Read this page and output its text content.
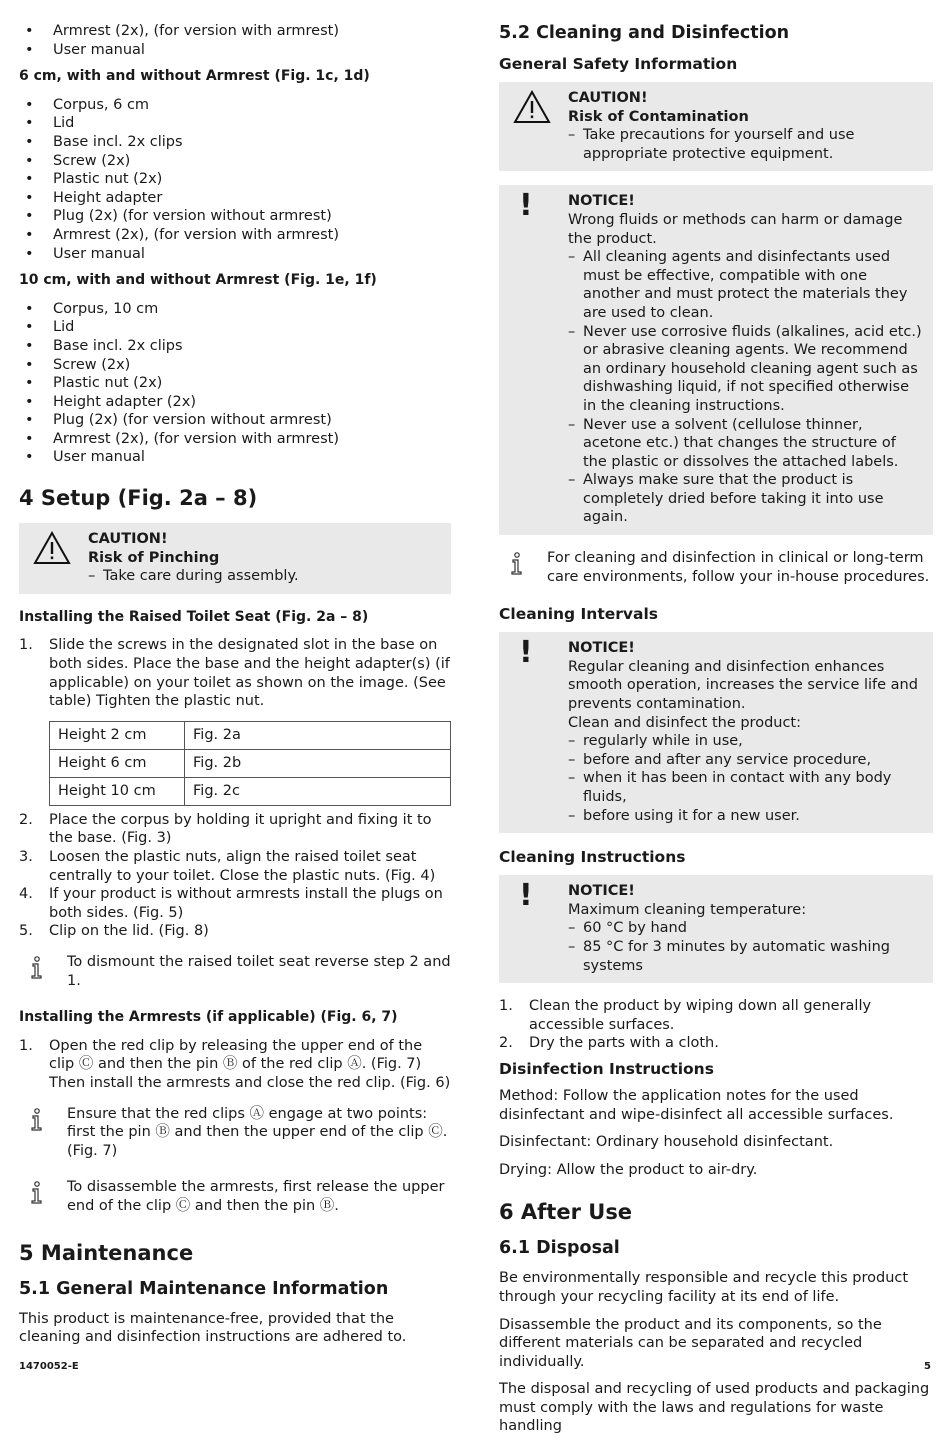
• Armrest (2x), (for version with armrest)
• User manual
6 cm, with and without Armrest (Fig. 1c, 1d)
• Corpus, 6 cm
• Lid
• Base incl. 2x clips
• Screw (2x)
• Plastic nut (2x)
• Height adapter
• Plug (2x) (for version without armrest)
• Armrest (2x), (for version with armrest)
• User manual
10 cm, with and without Armrest (Fig. 1e, 1f)
• Corpus, 10 cm
• Lid
• Base incl. 2x clips
• Screw (2x)
• Plastic nut (2x)
• Height adapter (2x)
• Plug (2x) (for version without armrest)
• Armrest (2x), (for version with armrest)
• User manual
4 Setup (Fig. 2a – 8)
CAUTION!
Risk of Pinching
– Take care during assembly.
Installing the Raised Toilet Seat (Fig. 2a – 8)
1. Slide the screws in the designated slot in the base on both sides. Place the base and the height adapter(s) (if applicable) on your toilet as shown on the image. (See table) Tighten the plastic nut.
Height 2 cm	Fig. 2a
Height 6 cm	Fig. 2b
Height 10 cm	Fig. 2c
2. Place the corpus by holding it upright and fixing it to the base. (Fig. 3)
3. Loosen the plastic nuts, align the raised toilet seat centrally to your toilet. Close the plastic nuts. (Fig. 4)
4. If your product is without armrests install the plugs on both sides. (Fig. 5)
5. Clip on the lid. (Fig. 8)
To dismount the raised toilet seat reverse step 2 and 1.
Installing the Armrests (if applicable) (Fig. 6, 7)
1. Open the red clip by releasing the upper end of the clip Ⓒ and then the pin Ⓑ of the red clip Ⓐ. (Fig. 7) Then install the armrests and close the red clip. (Fig. 6)
Ensure that the red clips Ⓐ engage at two points: first the pin Ⓑ and then the upper end of the clip Ⓒ. (Fig. 7)
To disassemble the armrests, first release the upper end of the clip Ⓒ and then the pin Ⓑ.
5 Maintenance
5.1 General Maintenance Information

This product is maintenance-free, provided that the cleaning and disinfection instructions are adhered to.

5.2 Cleaning and Disinfection
General Safety Information
CAUTION!
Risk of Contamination
– Take precautions for yourself and use appropriate protective equipment.
! NOTICE!
Wrong fluids or methods can harm or damage the product.
– All cleaning agents and disinfectants used must be effective, compatible with one another and must protect the materials they are used to clean.
– Never use corrosive fluids (alkalines, acid etc.) or abrasive cleaning agents. We recommend an ordinary household cleaning agent such as dishwashing liquid, if not specified otherwise in the cleaning instructions.
– Never use a solvent (cellulose thinner, acetone etc.) that changes the structure of the plastic or dissolves the attached labels.
– Always make sure that the product is completely dried before taking it into use again.
For cleaning and disinfection in clinical or long-term care environments, follow your in-house procedures.
Cleaning Intervals
! NOTICE!
Regular cleaning and disinfection enhances smooth operation, increases the service life and prevents contamination.
Clean and disinfect the product:
– regularly while in use,
– before and after any service procedure,
– when it has been in contact with any body fluids,
– before using it for a new user.
Cleaning Instructions
! NOTICE!
Maximum cleaning temperature:
– 60 °C by hand
– 85 °C for 3 minutes by automatic washing systems
1. Clean the product by wiping down all generally accessible surfaces.
2. Dry the parts with a cloth.
Disinfection Instructions

Method: Follow the application notes for the used disinfectant and wipe-disinfect all accessible surfaces.

Disinfectant: Ordinary household disinfectant.

Drying: Allow the product to air-dry.

6 After Use
6.1 Disposal

Be environmentally responsible and recycle this product through your recycling facility at its end of life.

Disassemble the product and its components, so the different materials can be separated and recycled individually.

The disposal and recycling of used products and packaging must comply with the laws and regulations for waste handling

1470052-E	5
